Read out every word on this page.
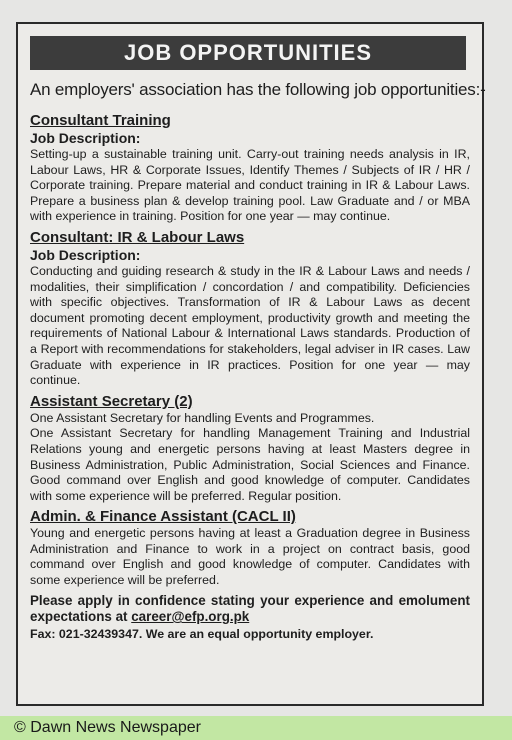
JOB OPPORTUNITIES
An employers' association has the following job opportunities:-
Consultant Training
Job Description:
Setting-up a sustainable training unit. Carry-out training needs analysis in IR, Labour Laws, HR & Corporate Issues, Identify Themes / Subjects of IR / HR / Corporate training. Prepare material and conduct training in IR & Labour Laws. Prepare a business plan & develop training pool. Law Graduate and / or MBA with experience in training. Position for one year — may continue.
Consultant: IR & Labour Laws
Job Description:
Conducting and guiding research & study in the IR & Labour Laws and needs / modalities, their simplification / concordation / and compatibility. Deficiencies with specific objectives. Transformation of IR & Labour Laws as decent document promoting decent employment, productivity growth and meeting the requirements of National Labour & International Laws standards. Production of a Report with recommendations for stakeholders, legal adviser in IR cases. Law Graduate with experience in IR practices. Position for one year — may continue.
Assistant Secretary (2)

One Assistant Secretary for handling Events and Programmes.

One Assistant Secretary for handling Management Training and Industrial Relations young and energetic persons having at least Masters degree in Business Administration, Public Administration, Social Sciences and Finance. Good command over English and good knowledge of computer. Candidates with some experience will be preferred. Regular position.

Admin. & Finance Assistant (CACL II)
Young and energetic persons having at least a Graduation degree in Business Administration and Finance to work in a project on contract basis, good command over English and good knowledge of computer. Candidates with some experience will be preferred.
Please apply in confidence stating your experience and emolument expectations at career@efp.org.pk
Fax: 021-32439347. We are an equal opportunity employer.
© Dawn News Newspaper
